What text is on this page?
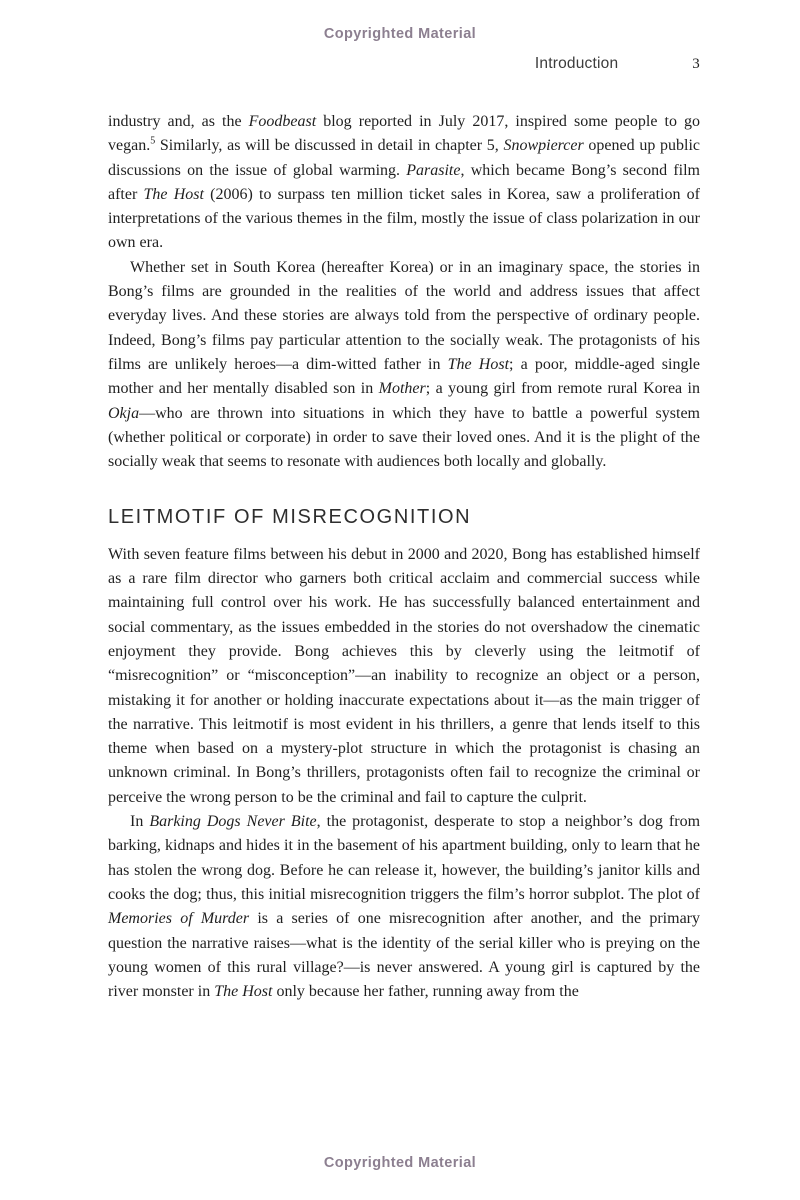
Copyrighted Material
Introduction	3

industry and, as the Foodbeast blog reported in July 2017, inspired some people to go vegan.$^5$ Similarly, as will be discussed in detail in chapter 5, Snowpiercer opened up public discussions on the issue of global warming. Parasite, which became Bong’s second film after The Host (2006) to surpass ten million ticket sales in Korea, saw a proliferation of interpretations of the various themes in the film, mostly the issue of class polarization in our own era.

Whether set in South Korea (hereafter Korea) or in an imaginary space, the stories in Bong’s films are grounded in the realities of the world and address issues that affect everyday lives. And these stories are always told from the perspective of ordinary people. Indeed, Bong’s films pay particular attention to the socially weak. The protagonists of his films are unlikely heroes—a dim-witted father in The Host; a poor, middle-aged single mother and her mentally disabled son in Mother; a young girl from remote rural Korea in Okja—who are thrown into situations in which they have to battle a powerful system (whether political or corporate) in order to save their loved ones. And it is the plight of the socially weak that seems to resonate with audiences both locally and globally.

LEITMOTIF OF MISRECOGNITION

With seven feature films between his debut in 2000 and 2020, Bong has established himself as a rare film director who garners both critical acclaim and commercial success while maintaining full control over his work. He has successfully balanced entertainment and social commentary, as the issues embedded in the stories do not overshadow the cinematic enjoyment they provide. Bong achieves this by cleverly using the leitmotif of “misrecognition” or “misconception”—an inability to recognize an object or a person, mistaking it for another or holding inaccurate expectations about it—as the main trigger of the narrative. This leitmotif is most evident in his thrillers, a genre that lends itself to this theme when based on a mystery-plot structure in which the protagonist is chasing an unknown criminal. In Bong’s thrillers, protagonists often fail to recognize the criminal or perceive the wrong person to be the criminal and fail to capture the culprit.

In Barking Dogs Never Bite, the protagonist, desperate to stop a neighbor’s dog from barking, kidnaps and hides it in the basement of his apartment building, only to learn that he has stolen the wrong dog. Before he can release it, however, the building’s janitor kills and cooks the dog; thus, this initial misrecognition triggers the film’s horror subplot. The plot of Memories of Murder is a series of one misrecognition after another, and the primary question the narrative raises—what is the identity of the serial killer who is preying on the young women of this rural village?—is never answered. A young girl is captured by the river monster in The Host only because her father, running away from the

Copyrighted Material
